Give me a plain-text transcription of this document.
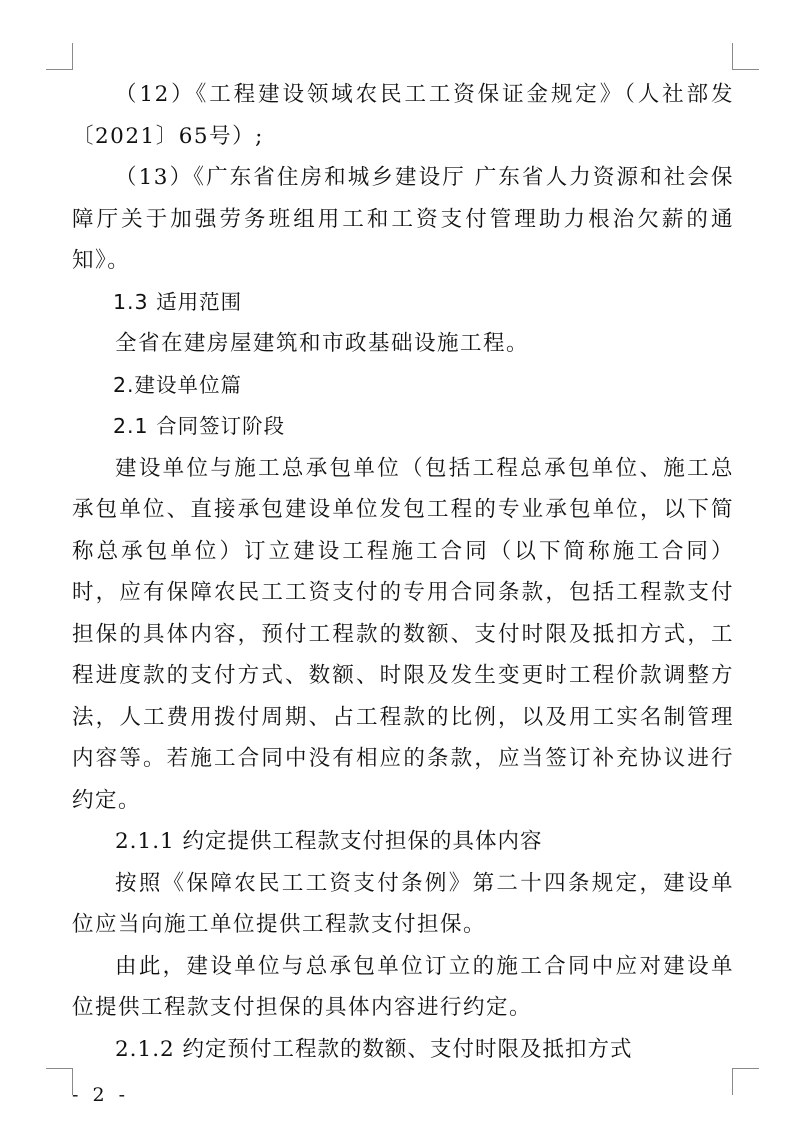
（12）《工程建设领域农民工工资保证金规定》（人社部发〔2021〕65号）;

（13）《广东省住房和城乡建设厅 广东省人力资源和社会保障厅关于加强劳务班组用工和工资支付管理助力根治欠薪的通知》。

1.3 适用范围

全省在建房屋建筑和市政基础设施工程。

2.建设单位篇

2.1 合同签订阶段

建设单位与施工总承包单位（包括工程总承包单位、施工总承包单位、直接承包建设单位发包工程的专业承包单位，以下简称总承包单位）订立建设工程施工合同（以下简称施工合同）时，应有保障农民工工资支付的专用合同条款，包括工程款支付担保的具体内容，预付工程款的数额、支付时限及抵扣方式，工程进度款的支付方式、数额、时限及发生变更时工程价款调整方法，人工费用拨付周期、占工程款的比例，以及用工实名制管理内容等。若施工合同中没有相应的条款，应当签订补充协议进行约定。

2.1.1 约定提供工程款支付担保的具体内容

按照《保障农民工工资支付条例》第二十四条规定，建设单位应当向施工单位提供工程款支付担保。

由此，建设单位与总承包单位订立的施工合同中应对建设单位提供工程款支付担保的具体内容进行约定。

2.1.2 约定预付工程款的数额、支付时限及抵扣方式

- 2 -
